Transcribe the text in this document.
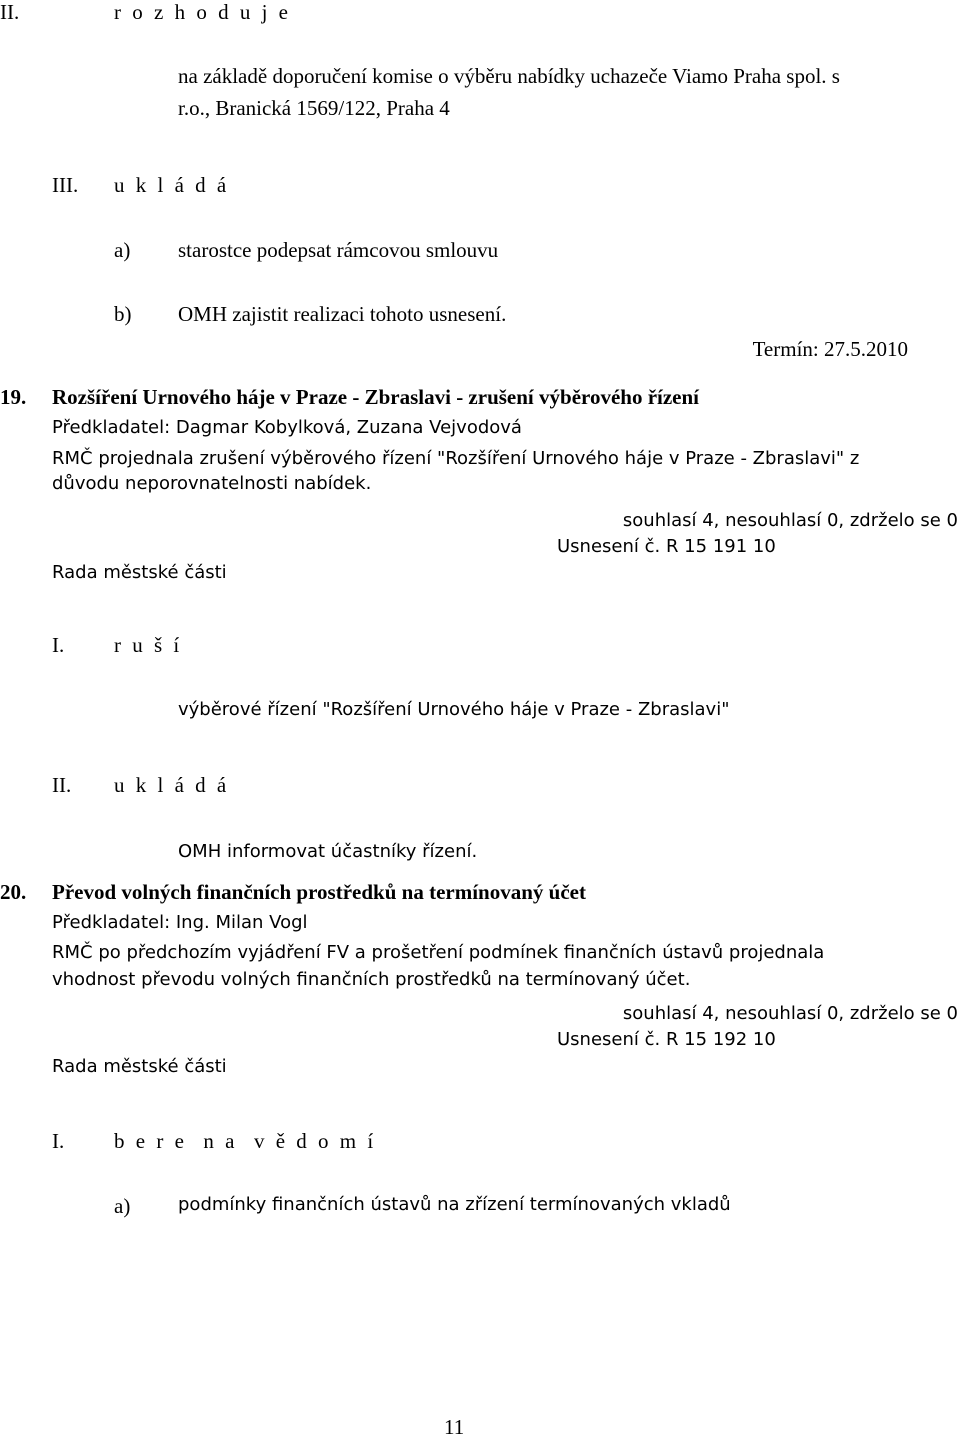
II.	r o z h o d u j e
na základě doporučení komise o výběru nabídky uchazeče Viamo Praha spol. s
r.o., Branická 1569/122, Praha 4
III. u k l á d á
a) starostce podepsat rámcovou smlouvu
b) OMH zajistit realizaci tohoto usnesení.
Termín: 27.5.2010
19. Rozšíření Urnového háje v Praze - Zbraslavi - zrušení výběrového řízení
Předkladatel: Dagmar Kobylková, Zuzana Vejvodová
RMČ projednala zrušení výběrového řízení "Rozšíření Urnového háje v Praze - Zbraslavi" z
důvodu neporovnatelnosti nabídek.
souhlasí 4, nesouhlasí 0, zdrželo se 0
Usnesení č. R 15 191 10
Rada městské části
I. r u š í
výběrové řízení "Rozšíření Urnového háje v Praze - Zbraslavi"
II. u k l á d á
OMH informovat účastníky řízení.
20. Převod volných finančních prostředků na termínovaný účet
Předkladatel: Ing. Milan Vogl
RMČ po předchozím vyjádření FV a prošetření podmínek finančních ústavů projednala
vhodnost převodu volných finančních prostředků na termínovaný účet.
souhlasí 4, nesouhlasí 0, zdrželo se 0
Usnesení č. R 15 192 10
Rada městské části
I. b e r e  n a  v ě d o m í
a)	podmínky finančních ústavů na zřízení termínovaných vkladů
11
